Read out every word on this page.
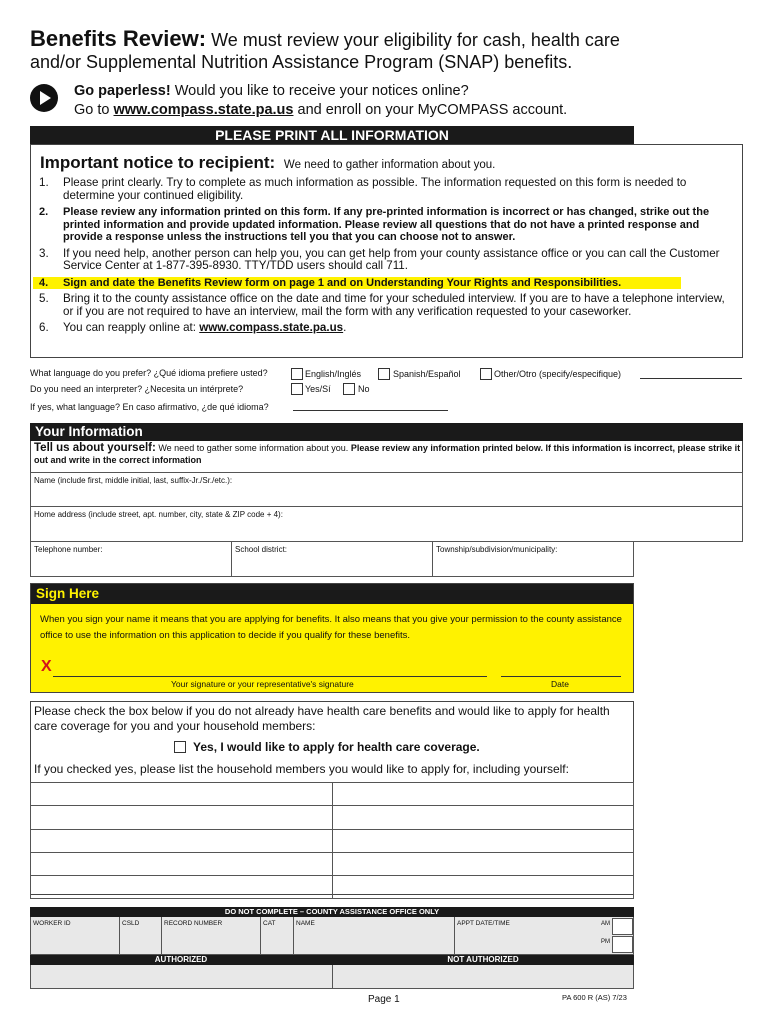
Benefits Review: We must review your eligibility for cash, health care
and/or Supplemental Nutrition Assistance Program (SNAP) benefits.
Go paperless! Would you like to receive your notices online?
Go to www.compass.state.pa.us and enroll on your MyCOMPASS account.
PLEASE PRINT ALL INFORMATION
Important notice to recipient: We need to gather information about you.
1.	Please print clearly. Try to complete as much information as possible. The information requested on this form is needed to determine your continued eligibility.
2.	Please review any information printed on this form. If any pre-printed information is incorrect or has changed, strike out the printed information and provide updated information. Please review all questions that do not have a printed response and provide a response unless the instructions tell you that you can choose not to answer.
3.	If you need help, another person can help you, you can get help from your county assistance office or you can call the Customer Service Center at 1-877-395-8930. TTY/TDD users should call 711.
4.	Sign and date the Benefits Review form on page 1 and on Understanding Your Rights and Responsibilities.
5.	Bring it to the county assistance office on the date and time for your scheduled interview. If you are to have a telephone interview, or if you are not required to have an interview, mail the form with any verification requested to your caseworker.
6.	You can reapply online at: www.compass.state.pa.us.
What language do you prefer? ¿Qué idioma prefiere usted?	English/Inglés	Spanish/Español	Other/Otro (specify/especifique)
Do you need an interpreter? ¿Necesita un intérprete?	Yes/Sí	No
If yes, what language? En caso afirmativo, ¿de qué idioma?
Your Information
Tell us about yourself: We need to gather some information about you. Please review any information printed below. If this information is incorrect, please strike it out and write in the correct information
Name (include first, middle initial, last, suffix-Jr./Sr./etc.):
Home address (include street, apt. number, city, state & ZIP code + 4):
Telephone number:	School district:	Township/subdivision/municipality:
Sign Here
When you sign your name it means that you are applying for benefits. It also means that you give your permission to the county assistance office to use the information on this application to decide if you qualify for these benefits.
X
Your signature or your representative's signature	Date

Please check the box below if you do not already have health care benefits and would like to apply for health care coverage for you and your household members:

Yes, I would like to apply for health care coverage.

If you checked yes, please list the household members you would like to apply for, including yourself:

DO NOT COMPLETE – COUNTY ASSISTANCE OFFICE ONLY
WORKER ID	CSLD	RECORD NUMBER	CAT	NAME	APPT DATE/TIME	AM
PM
AUTHORIZED	NOT AUTHORIZED
Page 1	PA 600 R (AS) 7/23
